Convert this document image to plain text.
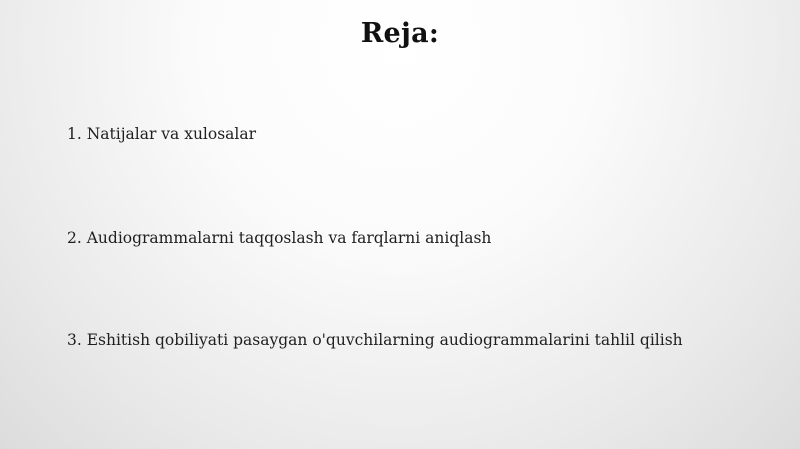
Reja:
1. Natijalar va xulosalar
2. Audiogrammalarni taqqoslash va farqlarni aniqlash
3. Eshitish qobiliyati pasaygan o'quvchilarning audiogrammalarini tahlil qilish
